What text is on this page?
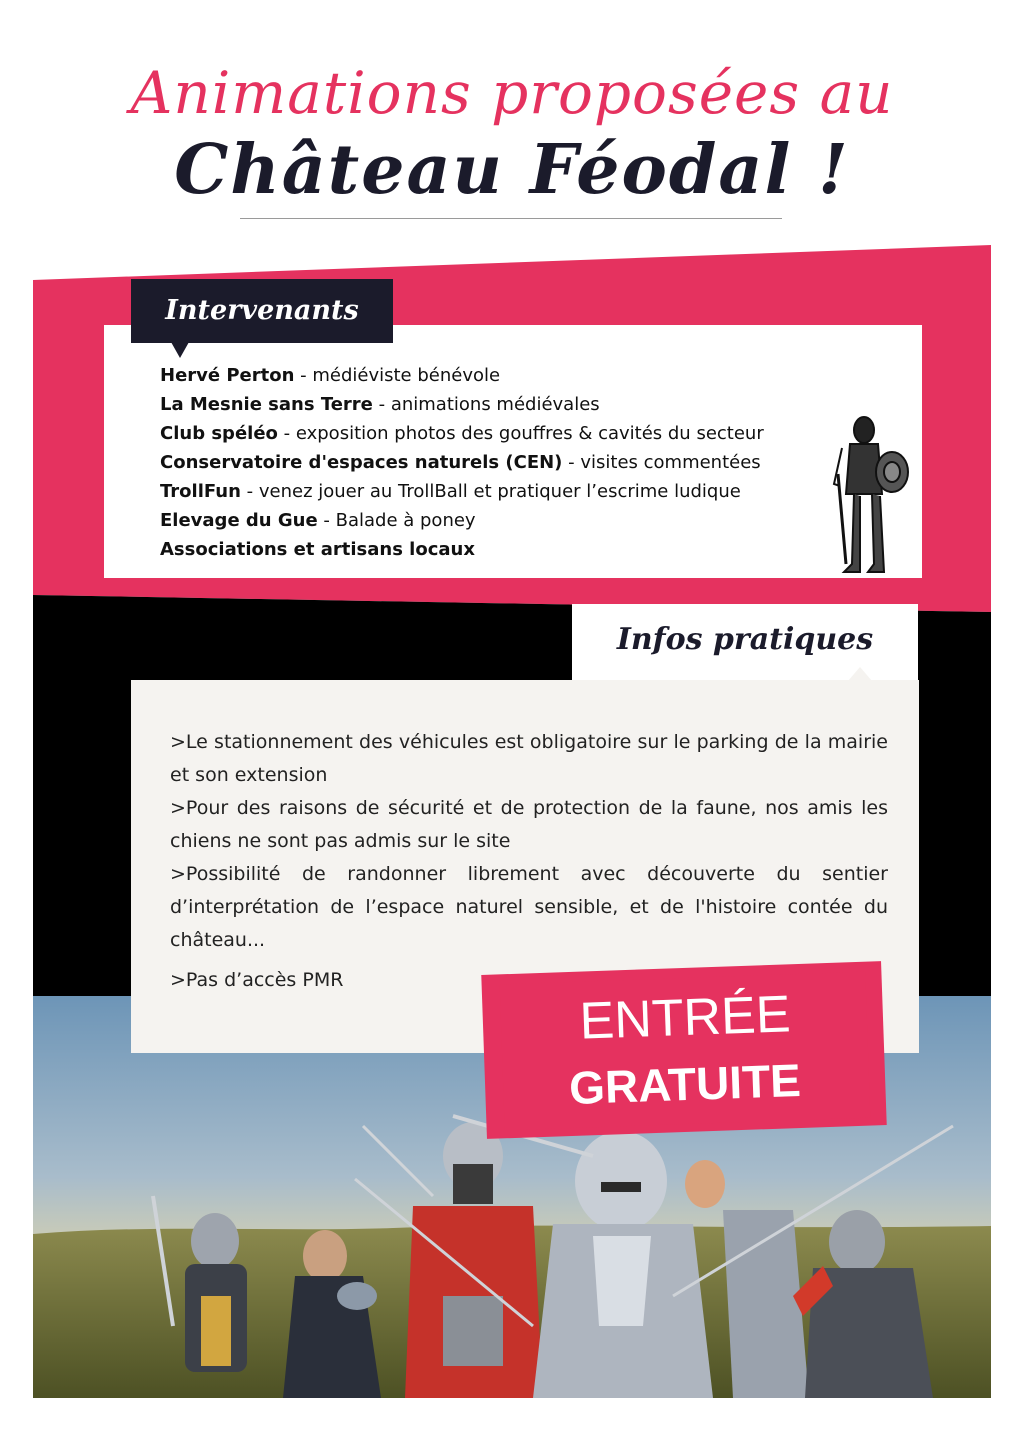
Animations proposées au
Château Féodal !
Intervenants
Hervé Perton - médiéviste bénévole
La Mesnie sans Terre - animations médiévales
Club spéléo - exposition photos des gouffres & cavités du secteur
Conservatoire d'espaces naturels (CEN) - visites commentées
TrollFun - venez jouer au TrollBall et pratiquer l’escrime ludique
Elevage du Gue - Balade à poney
Associations et artisans locaux
Infos pratiques

>Le stationnement des véhicules est obligatoire sur le parking de la mairie et son extension

>Pour des raisons de sécurité et de protection de la faune, nos amis les chiens ne sont pas admis sur le site

>Possibilité de randonner librement avec découverte du sentier d’interprétation de l’espace naturel sensible, et de l'histoire contée du château...

>Pas d’accès PMR

ENTRÉE
GRATUITE
